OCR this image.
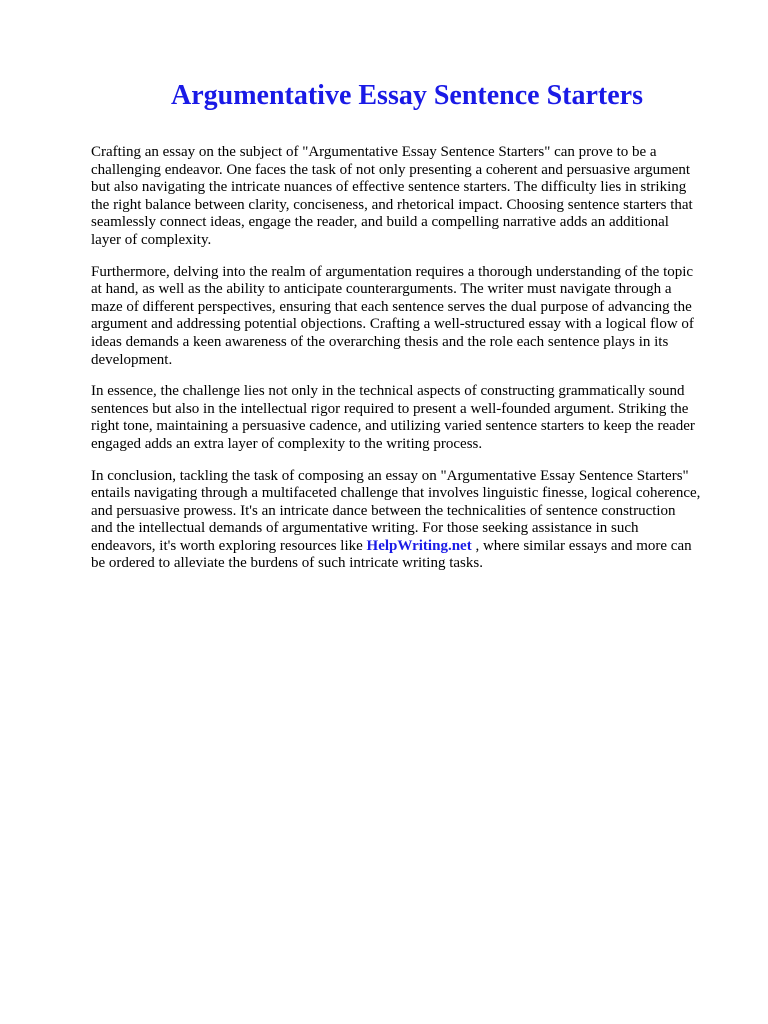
Argumentative Essay Sentence Starters

Crafting an essay on the subject of "Argumentative Essay Sentence Starters" can prove to be a
challenging endeavor. One faces the task of not only presenting a coherent and persuasive argument
but also navigating the intricate nuances of effective sentence starters. The difficulty lies in striking
the right balance between clarity, conciseness, and rhetorical impact. Choosing sentence starters that
seamlessly connect ideas, engage the reader, and build a compelling narrative adds an additional
layer of complexity.

Furthermore, delving into the realm of argumentation requires a thorough understanding of the topic
at hand, as well as the ability to anticipate counterarguments. The writer must navigate through a
maze of different perspectives, ensuring that each sentence serves the dual purpose of advancing the
argument and addressing potential objections. Crafting a well-structured essay with a logical flow of
ideas demands a keen awareness of the overarching thesis and the role each sentence plays in its
development.

In essence, the challenge lies not only in the technical aspects of constructing grammatically sound
sentences but also in the intellectual rigor required to present a well-founded argument. Striking the
right tone, maintaining a persuasive cadence, and utilizing varied sentence starters to keep the reader
engaged adds an extra layer of complexity to the writing process.

In conclusion, tackling the task of composing an essay on "Argumentative Essay Sentence Starters"
entails navigating through a multifaceted challenge that involves linguistic finesse, logical coherence,
and persuasive prowess. It's an intricate dance between the technicalities of sentence construction
and the intellectual demands of argumentative writing. For those seeking assistance in such
endeavors, it's worth exploring resources like HelpWriting.net , where similar essays and more can
be ordered to alleviate the burdens of such intricate writing tasks.
